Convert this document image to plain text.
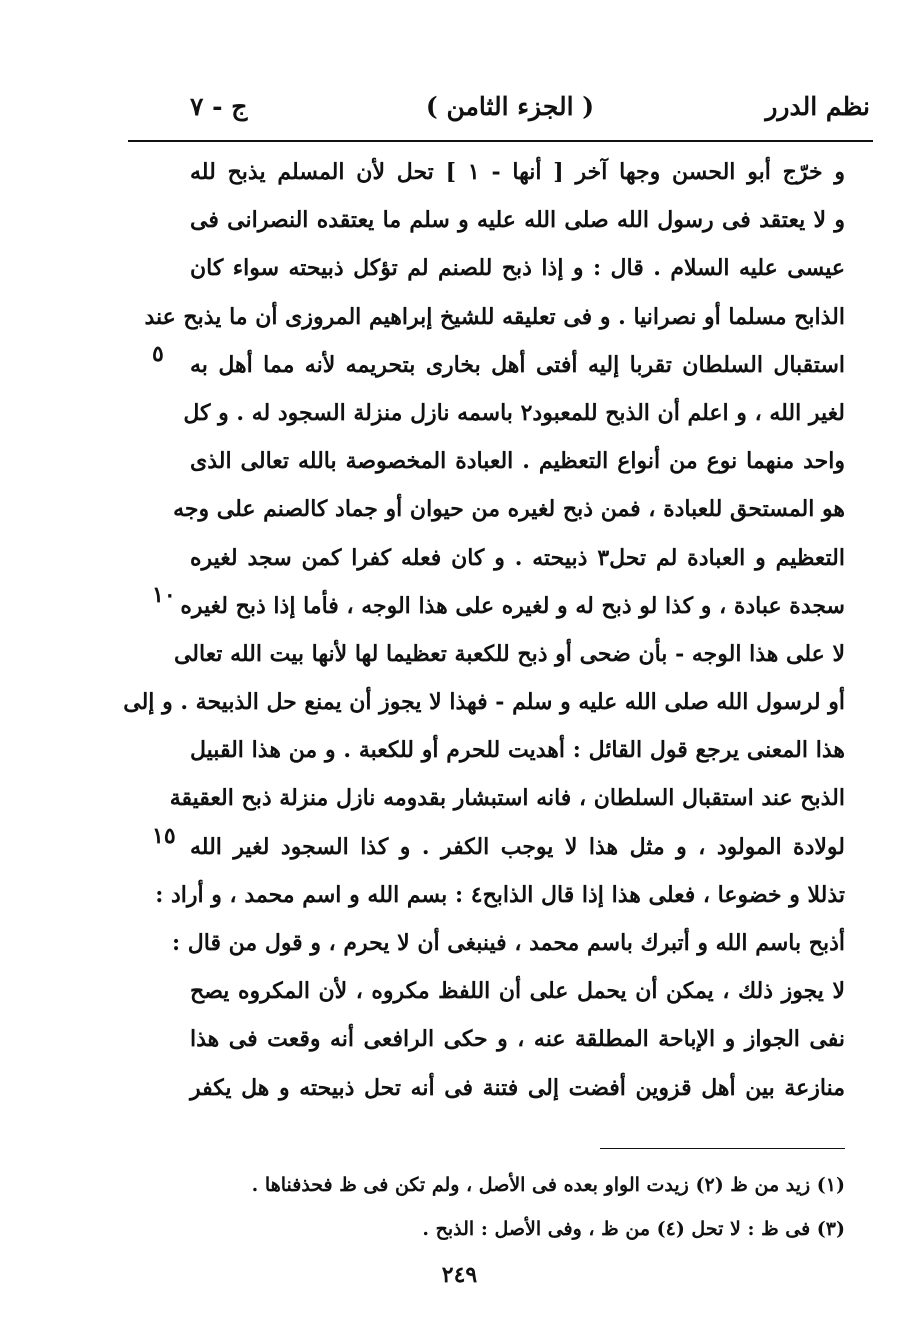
نظم الدرر
( الجزء الثامن )
ج - ٧
و خرّج أبو الحسن وجها آخر [ أنها - ١ ] تحل لأن المسلم يذبح لله
و لا يعتقد فى رسول الله صلى الله عليه و سلم ما يعتقده النصرانى فى
عيسى عليه السلام . قال : و إذا ذبح للصنم لم تؤكل ذبيحته سواء كان
الذابح مسلما أو نصرانيا . و فى تعليقه للشيخ إبراهيم المروزى أن ما يذبح عند
استقبال السلطان تقربا إليه أفتى أهل بخارى بتحريمه لأنه مما أهل به
لغير الله ، و اعلم أن الذبح للمعبود٢ باسمه نازل منزلة السجود له . و كل
واحد منهما نوع من أنواع التعظيم . العبادة المخصوصة بالله تعالى الذى
هو المستحق للعبادة ، فمن ذبح لغيره من حيوان أو جماد كالصنم على وجه
التعظيم و العبادة لم تحل٣ ذبيحته . و كان فعله كفرا كمن سجد لغيره
سجدة عبادة ، و كذا لو ذبح له و لغيره على هذا الوجه ، فأما إذا ذبح لغيره
لا على هذا الوجه - بأن ضحى أو ذبح للكعبة تعظيما لها لأنها بيت الله تعالى
أو لرسول الله صلى الله عليه و سلم - فهذا لا يجوز أن يمنع حل الذبيحة . و إلى
هذا المعنى يرجع قول القائل : أهديت للحرم أو للكعبة . و من هذا القبيل
الذبح عند استقبال السلطان ، فانه استبشار بقدومه نازل منزلة ذبح العقيقة
لولادة المولود ، و مثل هذا لا يوجب الكفر . و كذا السجود لغير الله
تذللا و خضوعا ، فعلى هذا إذا قال الذابح٤ : بسم الله و اسم محمد ، و أراد :
أذبح باسم الله و أتبرك باسم محمد ، فينبغى أن لا يحرم ، و قول من قال :
لا يجوز ذلك ، يمكن أن يحمل على أن اللفظ مكروه ، لأن المكروه يصح
نفى الجواز و الإباحة المطلقة عنه ، و حكى الرافعى أنه وقعت فى هذا
منازعة بين أهل قزوين أفضت إلى فتنة فى أنه تحل ذبيحته و هل يكفر
٥
١٠
١٥
(١) زيد من ظ (٢) زيدت الواو بعده فى الأصل ، ولم تكن فى ظ فحذفناها .
(٣) فى ظ : لا تحل (٤) من ظ ، وفى الأصل : الذبح .
٢٤٩
